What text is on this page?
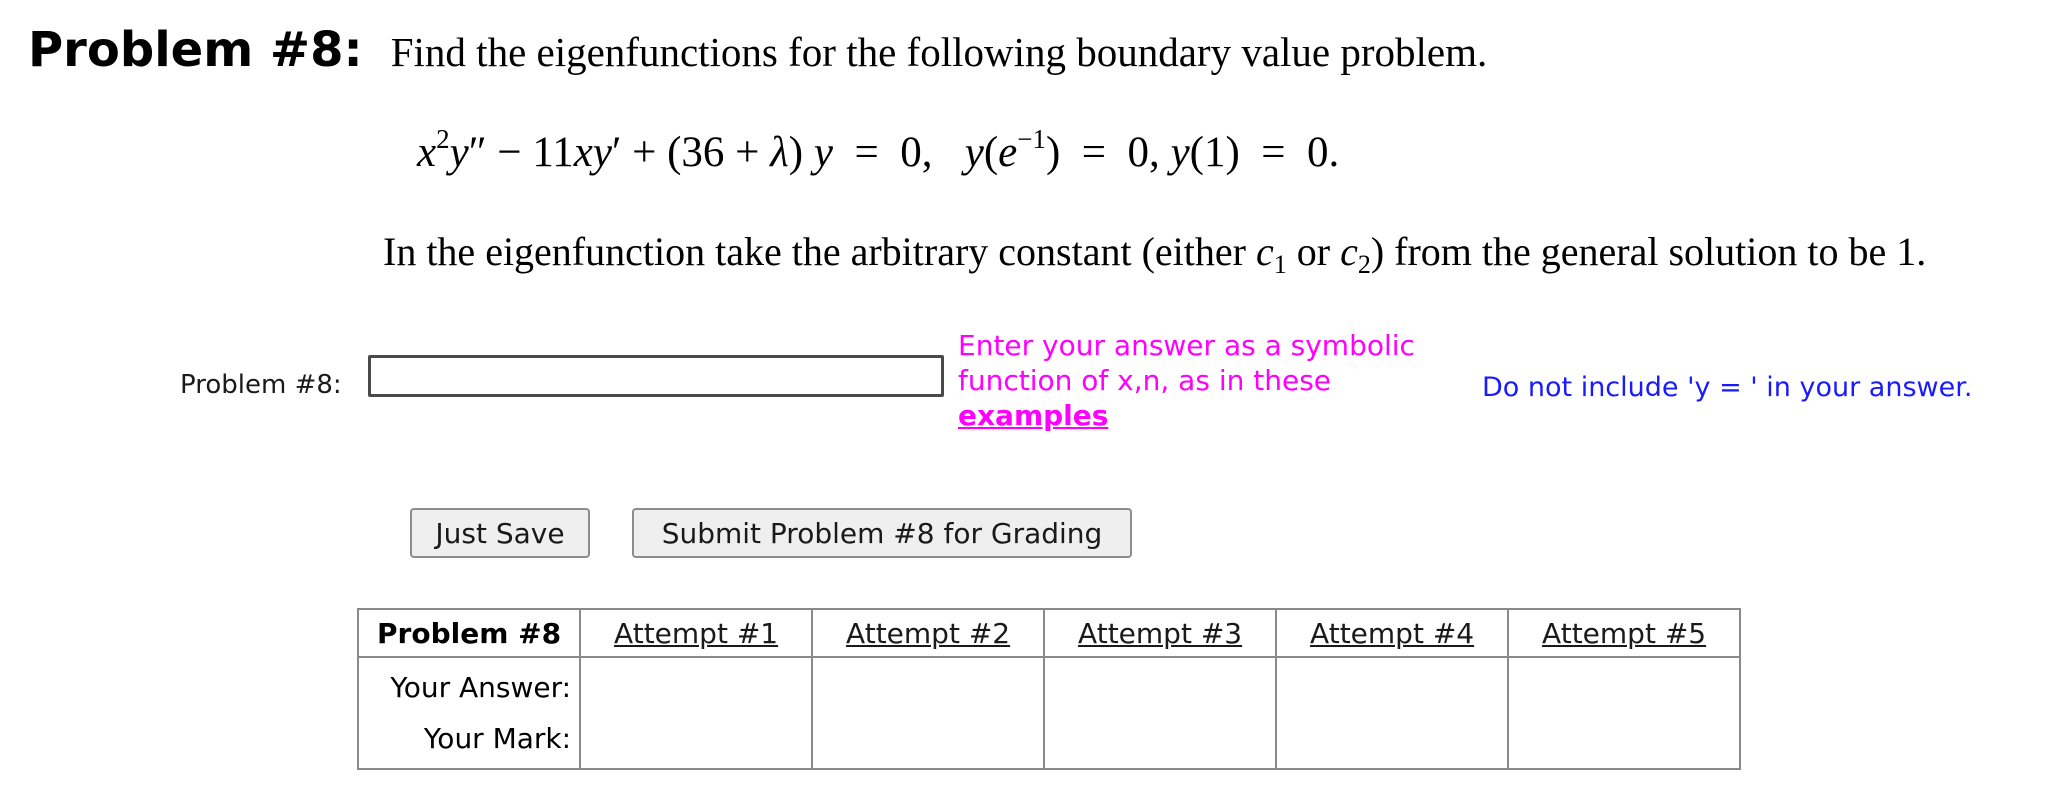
Problem #8: Find the eigenfunctions for the following boundary value problem.
$x^2y'' - 11xy' + (36 + \lambda) y = 0$,   $y(e^{-1}) = 0$, y(1)  =  0.
In the eigenfunction take the arbitrary constant (either $c_1$ or $c_2$) from the general solution to be 1.
Problem #8:
Enter your answer as a symbolic
function of x,n, as in these
examples
Do not include 'y = ' in your answer.
Just Save	Submit Problem #8 for Grading
Problem #8	Attempt #1	Attempt #2	Attempt #3	Attempt #4	Attempt #5

Your Answer:
Your Mark:					
